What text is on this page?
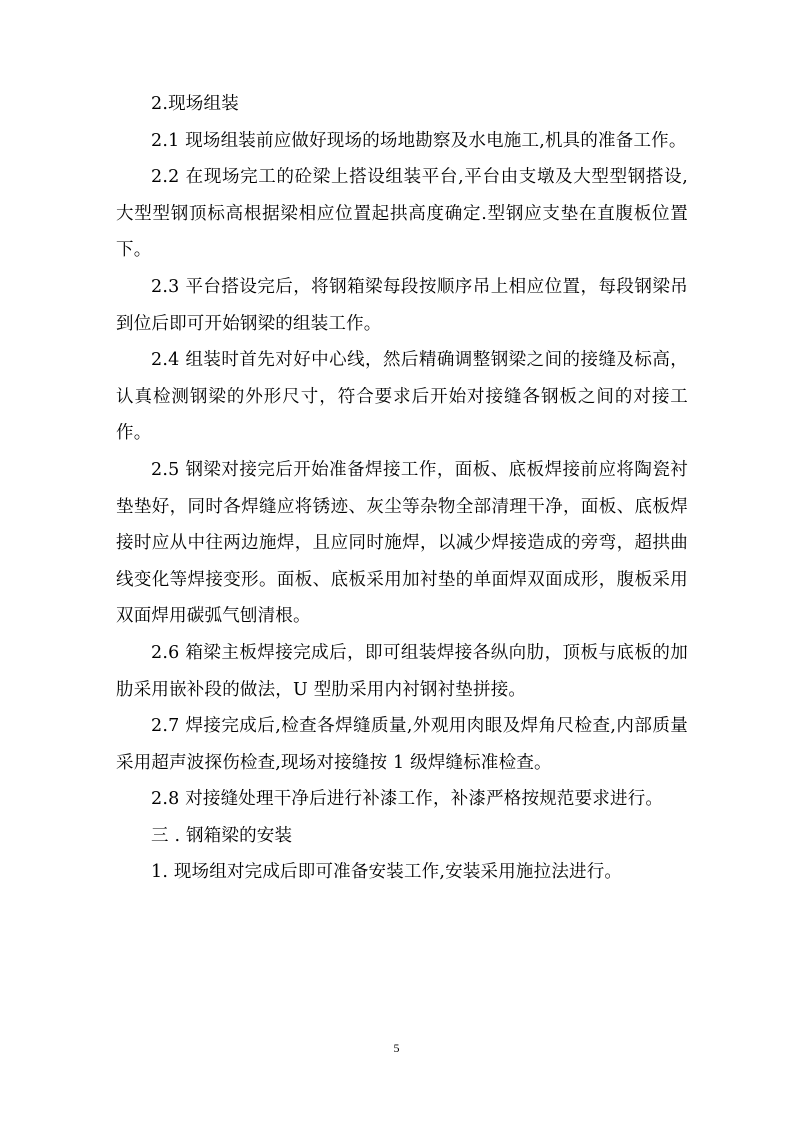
2.现场组装

2.1 现场组装前应做好现场的场地勘察及水电施工,机具的准备工作。

2.2 在现场完工的砼梁上搭设组装平台,平台由支墩及大型型钢搭设,大型型钢顶标高根据梁相应位置起拱高度确定.型钢应支垫在直腹板位置下。

2.3 平台搭设完后，将钢箱梁每段按顺序吊上相应位置，每段钢梁吊到位后即可开始钢梁的组装工作。

2.4 组装时首先对好中心线，然后精确调整钢梁之间的接缝及标高，认真检测钢梁的外形尺寸，符合要求后开始对接缝各钢板之间的对接工作。

2.5 钢梁对接完后开始准备焊接工作，面板、底板焊接前应将陶瓷衬垫垫好，同时各焊缝应将锈迹、灰尘等杂物全部清理干净，面板、底板焊接时应从中往两边施焊，且应同时施焊，以减少焊接造成的旁弯，超拱曲线变化等焊接变形。面板、底板采用加衬垫的单面焊双面成形，腹板采用双面焊用碳弧气刨清根。

2.6 箱梁主板焊接完成后，即可组装焊接各纵向肋，顶板与底板的加肋采用嵌补段的做法，U 型肋采用内衬钢衬垫拼接。

2.7 焊接完成后,检查各焊缝质量,外观用肉眼及焊角尺检查,内部质量采用超声波探伤检查,现场对接缝按 1 级焊缝标准检查。

2.8 对接缝处理干净后进行补漆工作，补漆严格按规范要求进行。

三 . 钢箱梁的安装

1. 现场组对完成后即可准备安装工作,安装采用施拉法进行。

5
